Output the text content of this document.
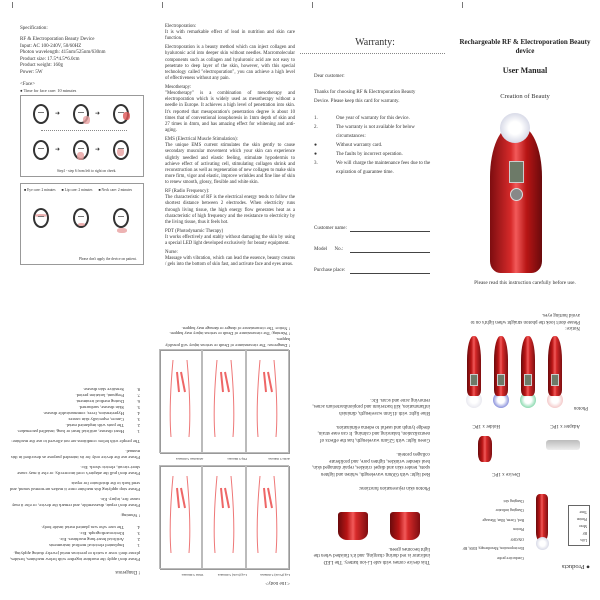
Specification:
RF & Electroporation Beauty Device
Input: AC 100-240V, 50/60HZ
Photon wavelength: 415nm/525nm/630nm
Product size: 17.5*4.5*6.0cm
Product weight: 160g
Power: 5W
<Face>
● Time for face care: 10 minutes
➜	➜
➜	➜
Step1 - step 6 from left to right on cheek.
■ Eye care: 2 minutes ■ Lip care: 2 minutes ■ Neck care: 2 minutes
Please don't apply the device on patient.
Electroporation:
It is with remarkable effect of lead in nutrition and skin care function.
Electroporation is a beauty method which can inject collagen and hyaluronic acid into deeper skin without needles. Macromolecular components such as collagen and hyaluronic acid are not easy to penetrate to deep layer of the skin, however, with this special technology called "electroporation", you can achieve a high level of effectiveness without any pain.
Mesotherapy:
"Mesotherapy" is a combination of mesotherapy and electroporation which is widely used as mesotherapy without a needle in Europe. It achieves a high level of penetration into skin. It's reported that mesoporation's penetration degree is about 10 times that of conventional ionophoresis in 1mm depth of skin and 27 times in 4mm, and has amazing effect for whitening and anti-aging.
EMS (Electrical Muscle Stimulation):
The unique EMS current stimulates the skin gently to cause secondary muscular movement which your skin can experience slightly needled and elastic feeling, stimulate hypodermis to achieve effect of activating cell, stimulating collagen shrink and reconstruction as well as regeneration of new collagen to make skin more firm, vigor and elastic, improve wrinkles and fine line of skin to renew smooth, glossy, flexible and white skin.
RF (Radio Frequency):
The characteristic of RF is the electrical energy tends to follow the shortest distance between 2 electrodes. When electricity runs through living tissue, the high energy flow generates heat as a characteristic of high frequency and the resistance to electricity by the living tissue, thus it feels hot.
PDT (Photodynamic Therapy)
It works effectively and stably without damaging the skin by using a special LED light developed exclusively for beauty equipment.
Nurse:
Massage with vibration, which can lead the essence, beauty creams / gels into the bottom of skin fast, and activate face and eyes areas.
Warranty:
Dear customer:
Thanks for choosing RF & Electroporation Beauty Device. Please keep this card for warranty.
1.	One year of warranty for this device.
2.	The warranty is not available for below circumstances:
●	Without warranty card.
●	The faults by incorrect operation.
3.	We will charge the maintenance fees due to the expiration of guarantee time.
Customer name:
Model      No.:
Purchase place:
Rechargeable RF & Electroporation Beauty device
User Manual
Creation of Beauty
Please read this instruction carefully before use.
● Products
Lifts
RF
Meso
Photon
Time
Conductive probe
Electroporation, Mesotherapy, EMS, RF
ON/OFF
Photon
Red, Green, Blue, Massage
Charging indicator
Charging slot
Device x 1PC
Holder x 1PC	Adapter x 1PC
Photon
Notice:
Please don't look the photon straight when light's on to avoid hurting eyes.
This device comes with safe Li-ion battery. The LED indicator is red during charging, and it's finished when the light becomes green.
Photon skin rejuvenation functions:
Red light: with 630nm wavelength, whiten and lighten spots, tender skin and dispel crinkles, repair damaged skin, heal slender wrinkles, tighten pore, and proliferate collagen protein.
Green light: with 525nm wavelength, has the effects of neutralization, balancing and calming. It can ease strain, dredge lymph and useful to edema elimination.
Blue light: with 415nm wavelength, diminish inflammation, kill bacterium and propionibacterium acnes, removing acne and scars. Etc.
<The body>
Leg (Front) 5 minutes
Leg (back) 5 minutes
Waist 5 minutes
Arms 5 minutes
Hip 5 minutes
Abdomen 5 minutes
! Dangerous: The circumstance of Death or serious injury will possibly happen.
! Warning: The circumstance of Death or serious injury may happen.
! Notice: The circumstance of danger or damage may happen.
! Dangerous
Please don't apply the machine together with below machines, besides, please don't wear a watch or precious metal jewelry during applying.
1.
Implanted electrical medical instruments
2.
Artificial heart-lung machines. Etc.
3.
Electrocardiograph. Etc.
4.
The user who was planted metal inside body.
! Warning:
Please don't repair, disassemble, and remark the device, or else it may cause fire, injury. Etc.
Please stop applying this machine once it makes un-normal sound, and send back to the distributor for repair.
Please don't pull the adapter's cord incorrectly, or else it may cause short-circuit, electric shock. Etc.
Please use the device only for its intended purpose as described in this manual.
The people with below conditions are not allowed to use the machine:
1.
Heart disease, artificial heart or lung, installed pacemaker.
2.
The parts with implanted metal.
3.
Cancer, especially skin cancer.
4.
Hypertension, fever, communicable disease.
5.
Skin disease, sunburned.
6.
During medical treatment.
7.
Pregnant, lactation period.
8.
Sensitive skin disease.
